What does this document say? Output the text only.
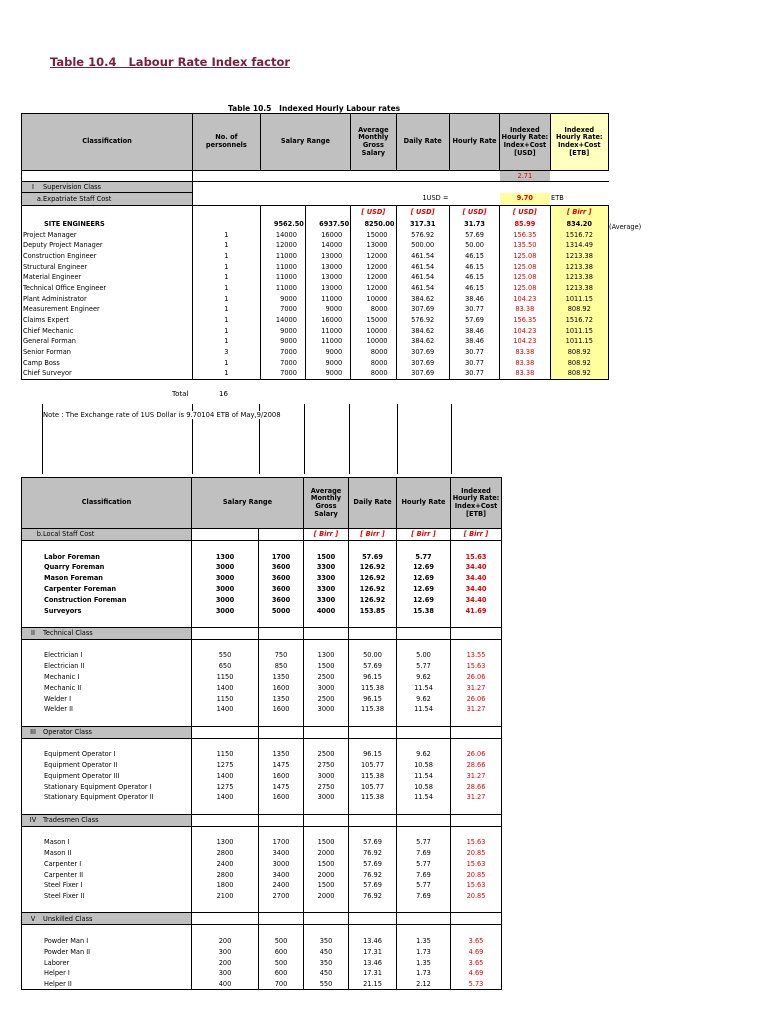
Table 10.4   Labour Rate Index factor
Table 10.5   Indexed Hourly Labour rates
Classification	No. of personnels	Salary Range		Average Monthly Gross Salary	Daily Rate	Hourly Rate	Indexed Hourly Rate: Index+Cost [USD]	Indexed Hourly Rate: Index+Cost [ETB]
							2.71	
I Supervision Class								
a.Expatriate Staff Cost					1USD =		9.70	ETB
				[ USD]	[ USD]	[ USD]	[ USD]	[ Birr ]
SITE ENGINEERS		9562.50	6937.50	8250.00	317.31	31.73	85.99	834.20
Project Manager	1	14000	16000	15000	576.92	57.69	156.35	1516.72
Deputy Project Manager	1	12000	14000	13000	500.00	50.00	135.50	1314.49
Construction Engineer	1	11000	13000	12000	461.54	46.15	125.08	1213.38
Structural Engineer	1	11000	13000	12000	461.54	46.15	125.08	1213.38
Material Engineer	1	11000	13000	12000	461.54	46.15	125.08	1213.38
Technical Office Engineer	1	11000	13000	12000	461.54	46.15	125.08	1213.38
Plant Administrator	1	9000	11000	10000	384.62	38.46	104.23	1011.15
Measurement Engineer	1	7000	9000	8000	307.69	30.77	83.38	808.92
Claims Expert	1	14000	16000	15000	576.92	57.69	156.35	1516.72
Chief Mechanic	1	9000	11000	10000	384.62	38.46	104.23	1011.15
General Forman	1	9000	11000	10000	384.62	38.46	104.23	1011.15
Senior Forman	3	7000	9000	8000	307.69	30.77	83.38	808.92
Camp Boss	1	7000	9000	8000	307.69	30.77	83.38	808.92
Chief Surveyor	1	7000	9000	8000	307.69	30.77	83.38	808.92
(Average)
Total	16
Note : The Exchange rate of 1US Dollar is 9.70104 ETB of May,9/2008
Classification	Salary Range		Average Monthly Gross Salary	Daily Rate	Hourly Rate	Indexed Hourly Rate: Index+Cost [ETB]
b.Local Staff Cost			[ Birr ]	[ Birr ]	[ Birr ]	[ Birr ]

Labor Foreman	1300	1700	1500	57.69	5.77	15.63
Quarry Foreman	3000	3600	3300	126.92	12.69	34.40
Mason Foreman	3000	3600	3300	126.92	12.69	34.40
Carpenter Foreman	3000	3600	3300	126.92	12.69	34.40
Construction Foreman	3000	3600	3300	126.92	12.69	34.40
Surveyors	3000	5000	4000	153.85	15.38	41.69

II Technical Class						

Electrician I	550	750	1300	50.00	5.00	13.55
Electrician II	650	850	1500	57.69	5.77	15.63
Mechanic I	1150	1350	2500	96.15	9.62	26.06
Mechanic II	1400	1600	3000	115.38	11.54	31.27
Welder I	1150	1350	2500	96.15	9.62	26.06
Welder II	1400	1600	3000	115.38	11.54	31.27

III Operator Class						

Equipment Operator I	1150	1350	2500	96.15	9.62	26.06
Equipment Operator II	1275	1475	2750	105.77	10.58	28.66
Equipment Operator III	1400	1600	3000	115.38	11.54	31.27
Stationary Equipment Operator I	1275	1475	2750	105.77	10.58	28.66
Stationary Equipment Operator II	1400	1600	3000	115.38	11.54	31.27

IV Tradesmen Class						

Mason I	1300	1700	1500	57.69	5.77	15.63
Mason II	2800	3400	2000	76.92	7.69	20.85
Carpenter I	2400	3000	1500	57.69	5.77	15.63
Carpenter II	2800	3400	2000	76.92	7.69	20.85
Steel Fixer I	1800	2400	1500	57.69	5.77	15.63
Steel Fixer II	2100	2700	2000	76.92	7.69	20.85

V Unskilled Class						

Powder Man I	200	500	350	13.46	1.35	3.65
Powder Man II	300	600	450	17.31	1.73	4.69
Laborer	200	500	350	13.46	1.35	3.65
Helper I	300	600	450	17.31	1.73	4.69
Helper II	400	700	550	21.15	2.12	5.73
